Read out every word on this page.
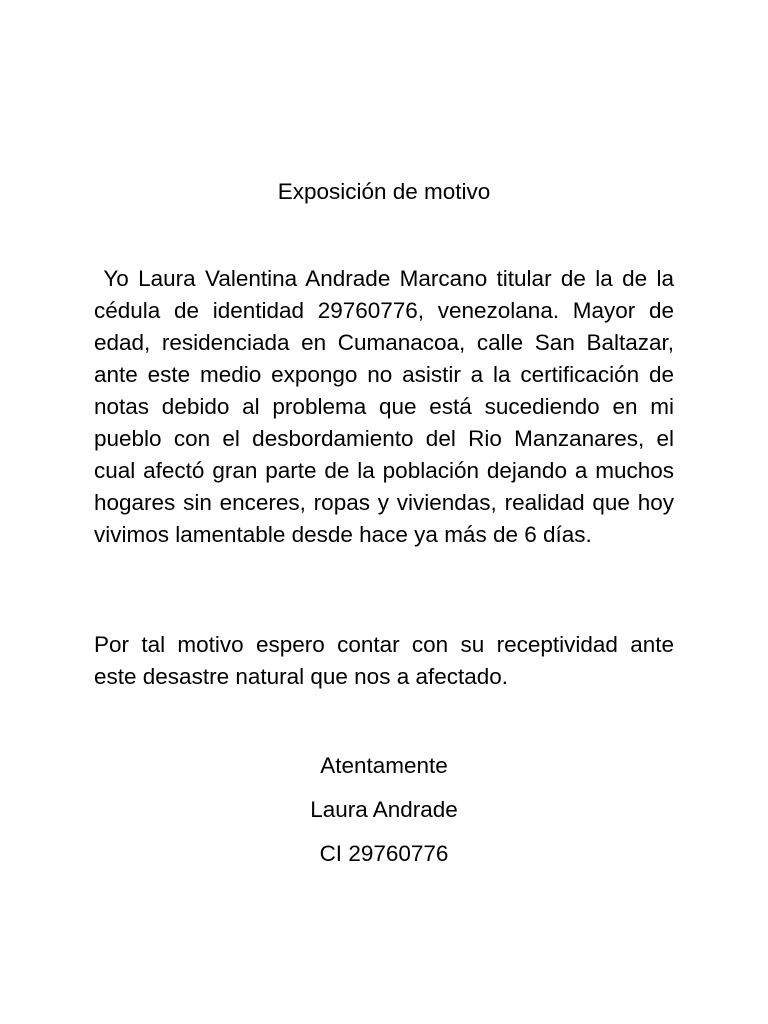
Exposición de motivo

Yo Laura Valentina Andrade Marcano titular de la de la cédula de identidad 29760776, venezolana. Mayor de edad, residenciada en Cumanacoa, calle San Baltazar, ante este medio expongo no asistir a la certificación de notas debido al problema que está sucediendo en mi pueblo con el desbordamiento del Rio Manzanares, el cual afectó gran parte de la población dejando a muchos hogares sin enceres, ropas y viviendas, realidad que hoy vivimos lamentable desde hace ya más de 6 días.

Por tal motivo espero contar con su receptividad ante este desastre natural que nos a afectado.

Atentamente
Laura Andrade
CI 29760776
